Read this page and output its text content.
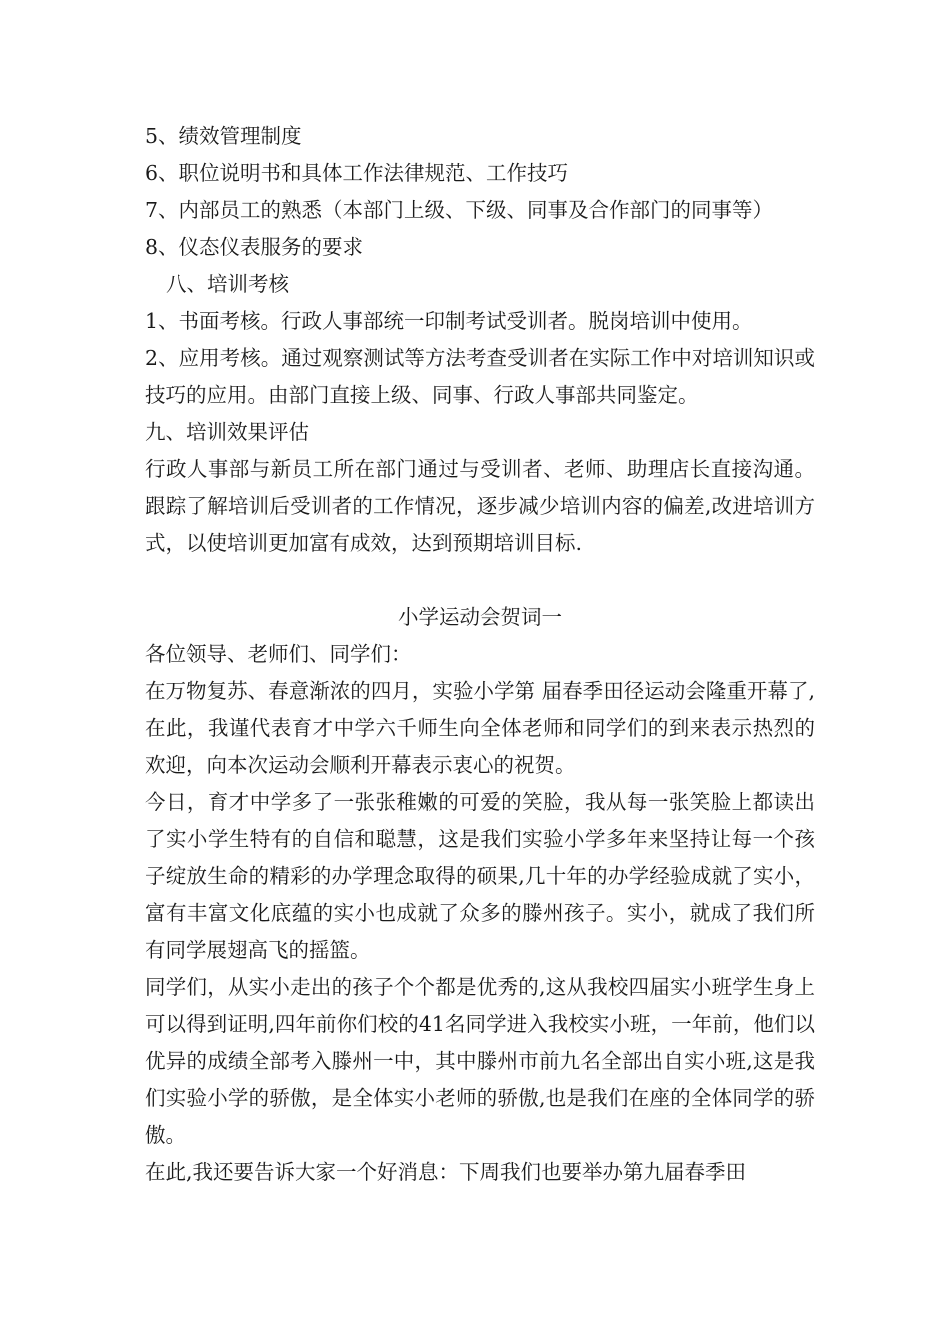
5、绩效管理制度
6、职位说明书和具体工作法律规范、工作技巧
7、内部员工的熟悉（本部门上级、下级、同事及合作部门的同事等）
8、仪态仪表服务的要求
八、培训考核
1、书面考核。行政人事部统一印制考试受训者。脱岗培训中使用。
2、应用考核。通过观察测试等方法考查受训者在实际工作中对培训知识或技巧的应用。由部门直接上级、同事、行政人事部共同鉴定。
九、培训效果评估
行政人事部与新员工所在部门通过与受训者、老师、助理店长直接沟通。跟踪了解培训后受训者的工作情况，逐步减少培训内容的偏差,改进培训方式，以使培训更加富有成效，达到预期培训目标.
小学运动会贺词一
各位领导、老师们、同学们：
在万物复苏、春意渐浓的四月，实验小学第 届春季田径运动会隆重开幕了,在此，我谨代表育才中学六千师生向全体老师和同学们的到来表示热烈的欢迎，向本次运动会顺利开幕表示衷心的祝贺。
今日，育才中学多了一张张稚嫩的可爱的笑脸，我从每一张笑脸上都读出了实小学生特有的自信和聪慧，这是我们实验小学多年来坚持让每一个孩子绽放生命的精彩的办学理念取得的硕果,几十年的办学经验成就了实小，富有丰富文化底蕴的实小也成就了众多的滕州孩子。实小，就成了我们所有同学展翅高飞的摇篮。
同学们，从实小走出的孩子个个都是优秀的,这从我校四届实小班学生身上可以得到证明,四年前你们校的41名同学进入我校实小班，一年前，他们以优异的成绩全部考入滕州一中，其中滕州市前九名全部出自实小班,这是我们实验小学的骄傲，是全体实小老师的骄傲,也是我们在座的全体同学的骄傲。
在此,我还要告诉大家一个好消息：下周我们也要举办第九届春季田
